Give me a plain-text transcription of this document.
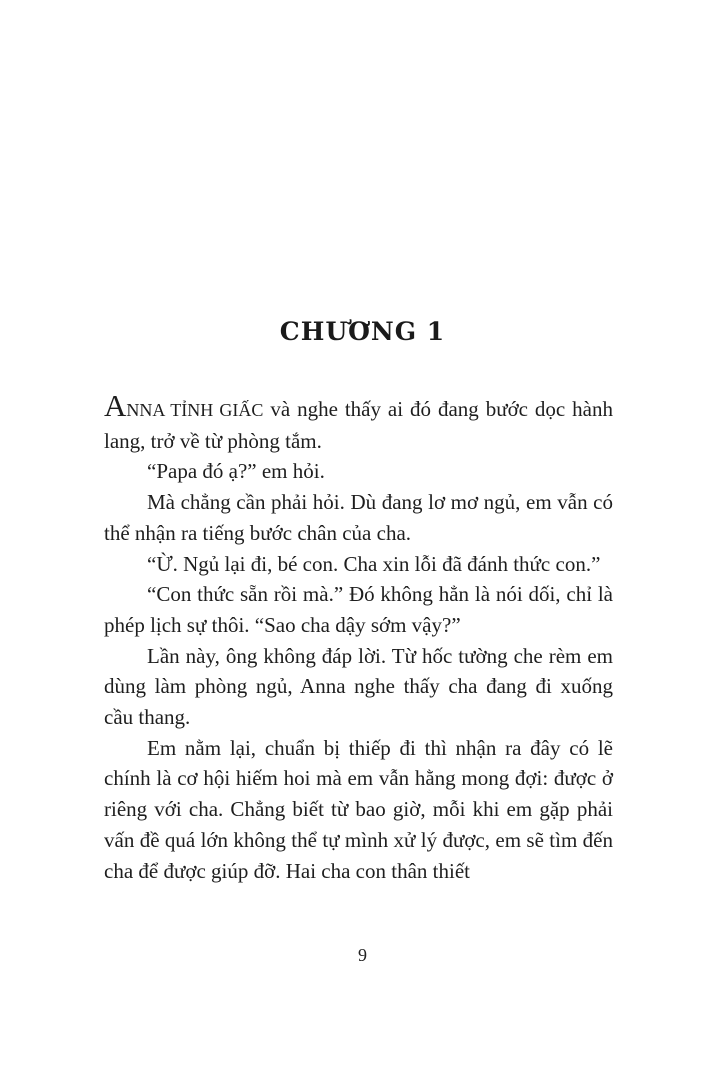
CHƯƠNG 1

ANNA TỈNH GIẤC và nghe thấy ai đó đang bước dọc hành lang, trở về từ phòng tắm.

“Papa đó ạ?” em hỏi.

Mà chẳng cần phải hỏi. Dù đang lơ mơ ngủ, em vẫn có thể nhận ra tiếng bước chân của cha.

“Ừ. Ngủ lại đi, bé con. Cha xin lỗi đã đánh thức con.”

“Con thức sẵn rồi mà.” Đó không hẳn là nói dối, chỉ là phép lịch sự thôi. “Sao cha dậy sớm vậy?”

Lần này, ông không đáp lời. Từ hốc tường che rèm em dùng làm phòng ngủ, Anna nghe thấy cha đang đi xuống cầu thang.

Em nằm lại, chuẩn bị thiếp đi thì nhận ra đây có lẽ chính là cơ hội hiếm hoi mà em vẫn hằng mong đợi: được ở riêng với cha. Chẳng biết từ bao giờ, mỗi khi em gặp phải vấn đề quá lớn không thể tự mình xử lý được, em sẽ tìm đến cha để được giúp đỡ. Hai cha con thân thiết

9
